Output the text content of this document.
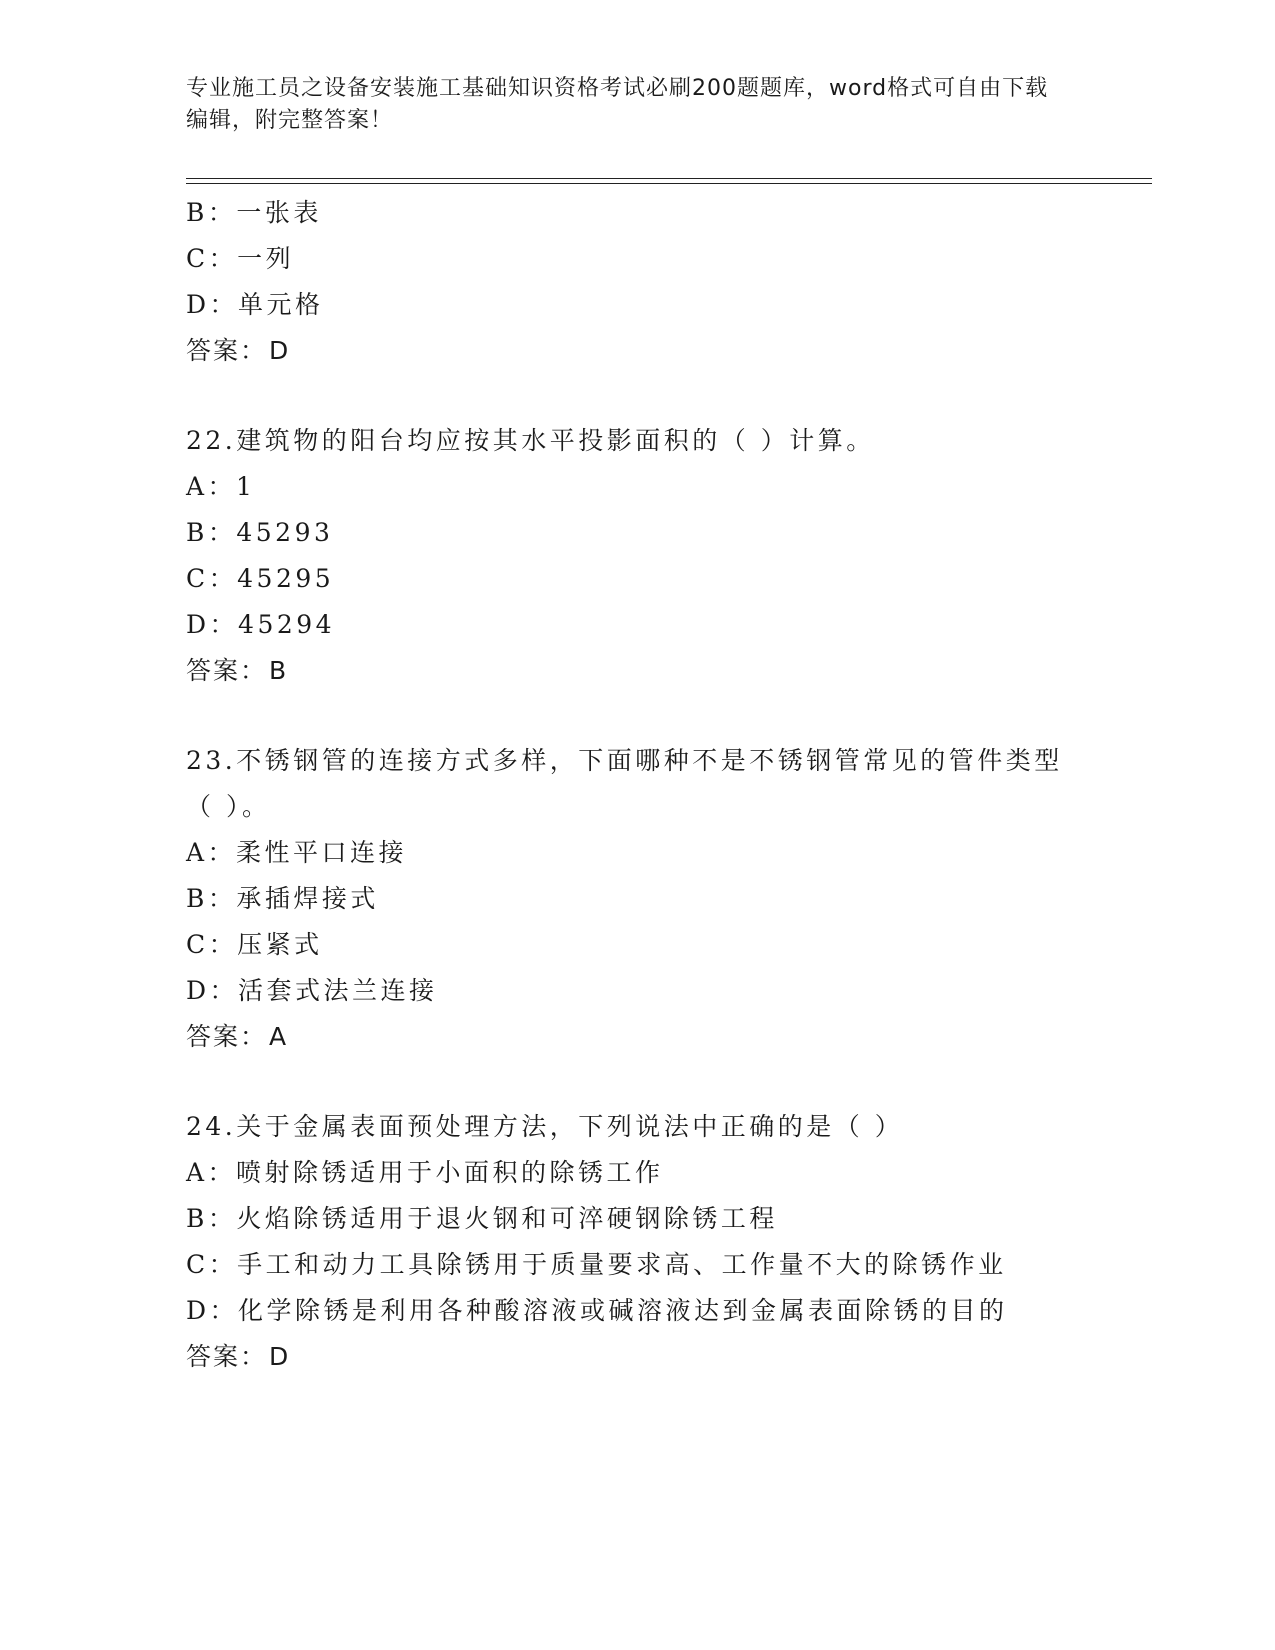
专业施工员之设备安装施工基础知识资格考试必刷200题题库，word格式可自由下载编辑，附完整答案！
B：一张表
C：一列
D：单元格
答案：D
22.建筑物的阳台均应按其水平投影面积的（ ）计算。
A：1
B：45293
C：45295
D：45294
答案：B
23.不锈钢管的连接方式多样，下面哪种不是不锈钢管常见的管件类型
（ ）。
A：柔性平口连接
B：承插焊接式
C：压紧式
D：活套式法兰连接
答案：A
24.关于金属表面预处理方法，下列说法中正确的是（ ）
A：喷射除锈适用于小面积的除锈工作
B：火焰除锈适用于退火钢和可淬硬钢除锈工程
C：手工和动力工具除锈用于质量要求高、工作量不大的除锈作业
D：化学除锈是利用各种酸溶液或碱溶液达到金属表面除锈的目的
答案：D
